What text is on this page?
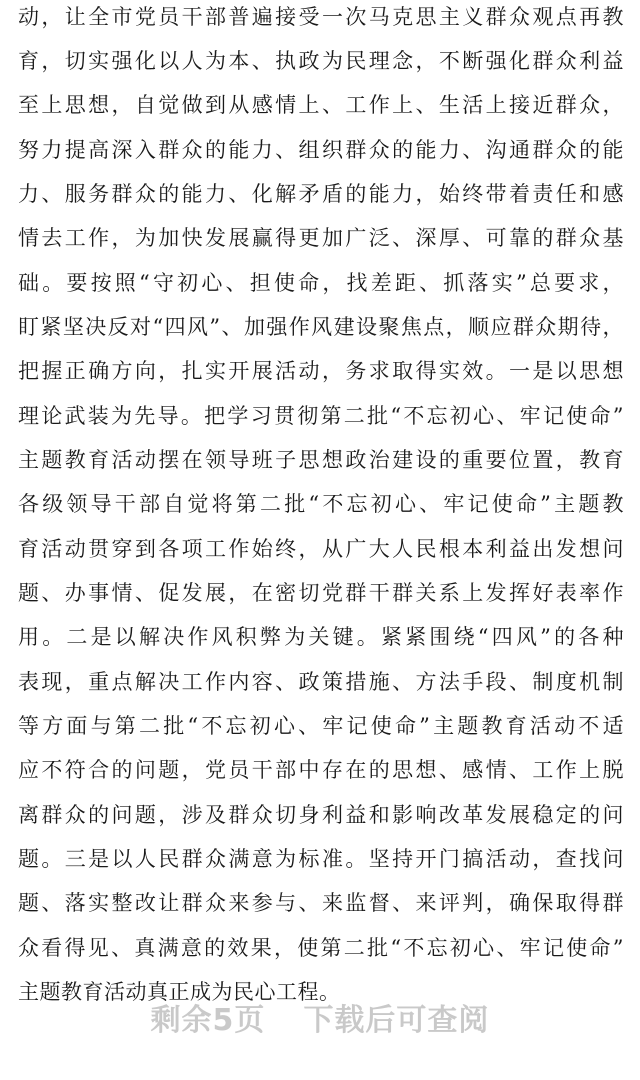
动，让全市党员干部普遍接受一次马克思主义群众观点再教
育，切实强化以人为本、执政为民理念，不断强化群众利益
至上思想，自觉做到从感情上、工作上、生活上接近群众，
努力提高深入群众的能力、组织群众的能力、沟通群众的能
力、服务群众的能力、化解矛盾的能力，始终带着责任和感
情去工作，为加快发展赢得更加广泛、深厚、可靠的群众基
础。要按照“守初心、担使命，找差距、抓落实”总要求，
盯紧坚决反对“四风”、加强作风建设聚焦点，顺应群众期待，
把握正确方向，扎实开展活动，务求取得实效。一是以思想
理论武装为先导。把学习贯彻第二批“不忘初心、牢记使命”
主题教育活动摆在领导班子思想政治建设的重要位置，教育
各级领导干部自觉将第二批“不忘初心、牢记使命”主题教
育活动贯穿到各项工作始终，从广大人民根本利益出发想问
题、办事情、促发展，在密切党群干群关系上发挥好表率作
用。二是以解决作风积弊为关键。紧紧围绕“四风”的各种
表现，重点解决工作内容、政策措施、方法手段、制度机制
等方面与第二批“不忘初心、牢记使命”主题教育活动不适
应不符合的问题，党员干部中存在的思想、感情、工作上脱
离群众的问题，涉及群众切身利益和影响改革发展稳定的问
题。三是以人民群众满意为标准。坚持开门搞活动，查找问
题、落实整改让群众来参与、来监督、来评判，确保取得群
众看得见、真满意的效果，使第二批“不忘初心、牢记使命”
主题教育活动真正成为民心工程。
剩余5页 下载后可查阅
